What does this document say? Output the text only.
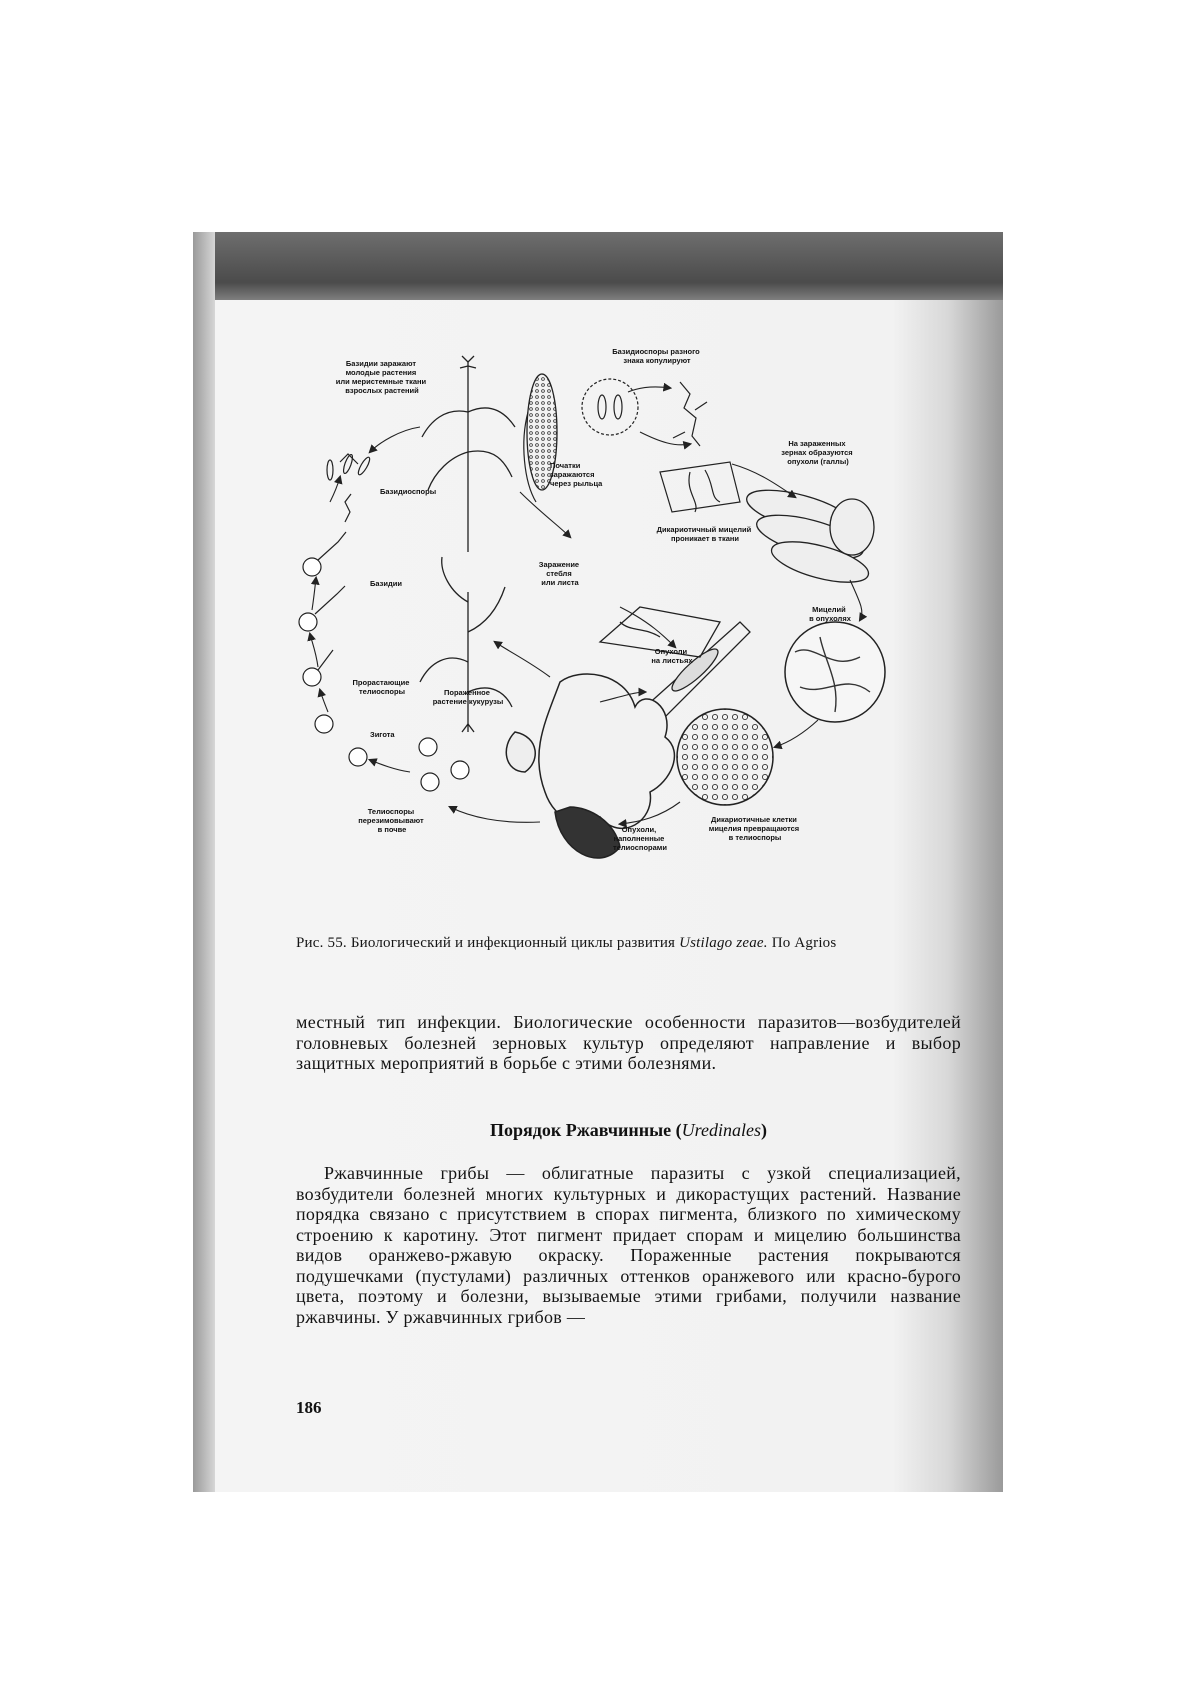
Базидии заражают молодые растения или меристемные ткани взрослых растений
Початки заражаются через рыльца
Базидиоспоры разного знака копулируют
На зараженных зернах образуются опухоли (галлы)
Базидиоспоры
Дикариотичный мицелий проникает в ткани
Заражение стебля или листа
Базидии
Мицелий в опухолях
Опухоли на листьях
Прорастающие телиоспоры	Пораженное растение кукурузы
Зигота
Телиоспоры перезимовывают в почве	Опухоли, наполненные телиоспорами
Дикариотичные клетки мицелия превращаются в телиоспоры
Рис. 55. Биологический и инфекционный циклы развития Ustilago zeae. По Agrios
местный тип инфекции. Биологические особенности паразитов—возбудителей головневых болезней зерновых культур определяют направление и выбор защитных мероприятий в борьбе с этими болезнями.
Порядок Ржавчинные (Uredinales)
Ржавчинные грибы — облигатные паразиты с узкой специализацией, возбудители болезней многих культурных и дикорастущих растений. Название порядка связано с присутствием в спорах пигмента, близкого по химическому строению к каротину. Этот пигмент придает спорам и мицелию большинства видов оранжево-ржавую окраску. Пораженные растения покрываются подушечками (пустулами) различных оттенков оранжевого или красно-бурого цвета, поэтому и болезни, вызываемые этими грибами, получили название ржавчины. У ржавчинных грибов —
186
